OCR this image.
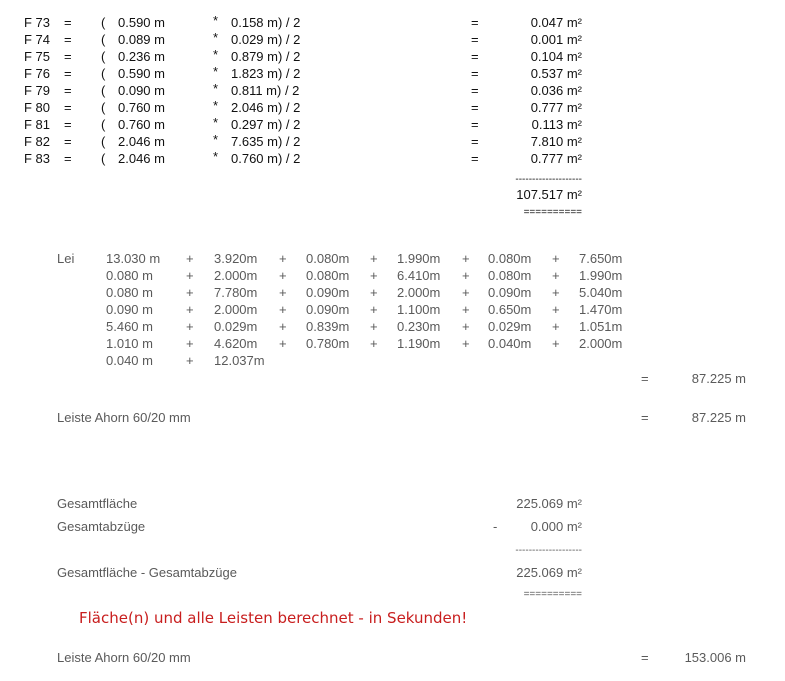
F 73 = ( 0.590 m	* 0.158 m) / 2	=	0.047 m²
F 74 = ( 0.089 m	* 0.029 m) / 2	=	0.001 m²
F 75 = ( 0.236 m	* 0.879 m) / 2	=	0.104 m²
F 76 = ( 0.590 m	* 1.823 m) / 2	=	0.537 m²
F 79 = ( 0.090 m	* 0.811 m) / 2	=	0.036 m²
F 80 = ( 0.760 m	* 2.046 m) / 2	=	0.777 m²
F 81 = ( 0.760 m	* 0.297 m) / 2	=	0.113 m²
F 82 = ( 2.046 m	* 7.635 m) / 2	=	7.810 m²
F 83 = ( 2.046 m	* 0.760 m) / 2	=	0.777 m²
--------------------
107.517 m²
==========
Lei 13.030 m + 3.920m + 0.080m + 1.990m + 0.080m + 7.650m
0.080 m	+ 2.000m + 0.080m + 6.410m + 0.080m + 1.990m
0.080 m	+ 7.780m + 0.090m + 2.000m + 0.090m + 5.040m
0.090 m	+ 2.000m + 0.090m + 1.100m + 0.650m + 1.470m
5.460 m	+ 0.029m + 0.839m + 0.230m + 0.029m + 1.051m
1.010 m	+ 4.620m + 0.780m + 1.190m + 0.040m + 2.000m
0.040 m	+ 12.037m
=	87.225 m
Leiste Ahorn 60/20 mm	=	87.225 m
Gesamtfläche	225.069 m²
Gesamtabzüge	-	0.000 m²
--------------------
Gesamtfläche - Gesamtabzüge	225.069 m²
==========
Fläche(n) und alle Leisten berechnet - in Sekunden!
Leiste Ahorn 60/20 mm	=	153.006 m
